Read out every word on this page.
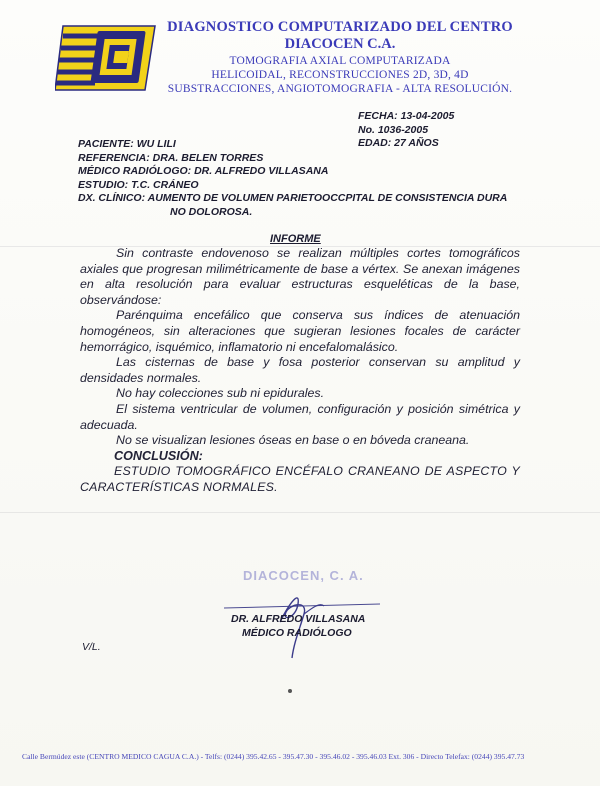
DIAGNOSTICO COMPUTARIZADO DEL CENTRO
DIACOCEN C.A.
TOMOGRAFIA AXIAL COMPUTARIZADA
HELICOIDAL, RECONSTRUCCIONES 2D, 3D, 4D
SUBSTRACCIONES, ANGIOTOMOGRAFIA - ALTA RESOLUCIÓN.
FECHA: 13-04-2005
No. 1036-2005
EDAD: 27 AÑOS
PACIENTE: WU LILI
REFERENCIA: DRA. BELEN TORRES
MÉDICO RADIÓLOGO: DR. ALFREDO VILLASANA
ESTUDIO: T.C. CRÁNEO
DX. CLÍNICO: AUMENTO DE VOLUMEN PARIETOOCCPITAL DE CONSISTENCIA DURA
NO DOLOROSA.
INFORME

Sin contraste endovenoso se realizan múltiples cortes tomográficos axiales que progresan milimétricamente de base a vértex. Se anexan imágenes en alta resolución para evaluar estructuras esqueléticas de la base, observándose:

Parénquima encefálico que conserva sus índices de atenuación homogéneos, sin alteraciones que sugieran lesiones focales de carácter hemorrágico, isquémico, inflamatorio ni encefalomalásico.

Las cisternas de base y fosa posterior conservan su amplitud y densidades normales.

No hay colecciones sub ni epidurales.

El sistema ventricular de volumen, configuración y posición simétrica y adecuada.

No se visualizan lesiones óseas en base o en bóveda craneana.

CONCLUSIÓN:

ESTUDIO TOMOGRÁFICO ENCÉFALO CRANEANO DE ASPECTO Y CARACTERÍSTICAS NORMALES.

DIACOCEN, C. A.
DR. ALFREDO VILLASANA
MÉDICO RADIÓLOGO
V/L.
Calle Bermúdez este (CENTRO MEDICO CAGUA C.A.) - Telfs: (0244) 395.42.65 - 395.47.30 - 395.46.02 - 395.46.03 Ext. 306 - Directo Telefax: (0244) 395.47.73
